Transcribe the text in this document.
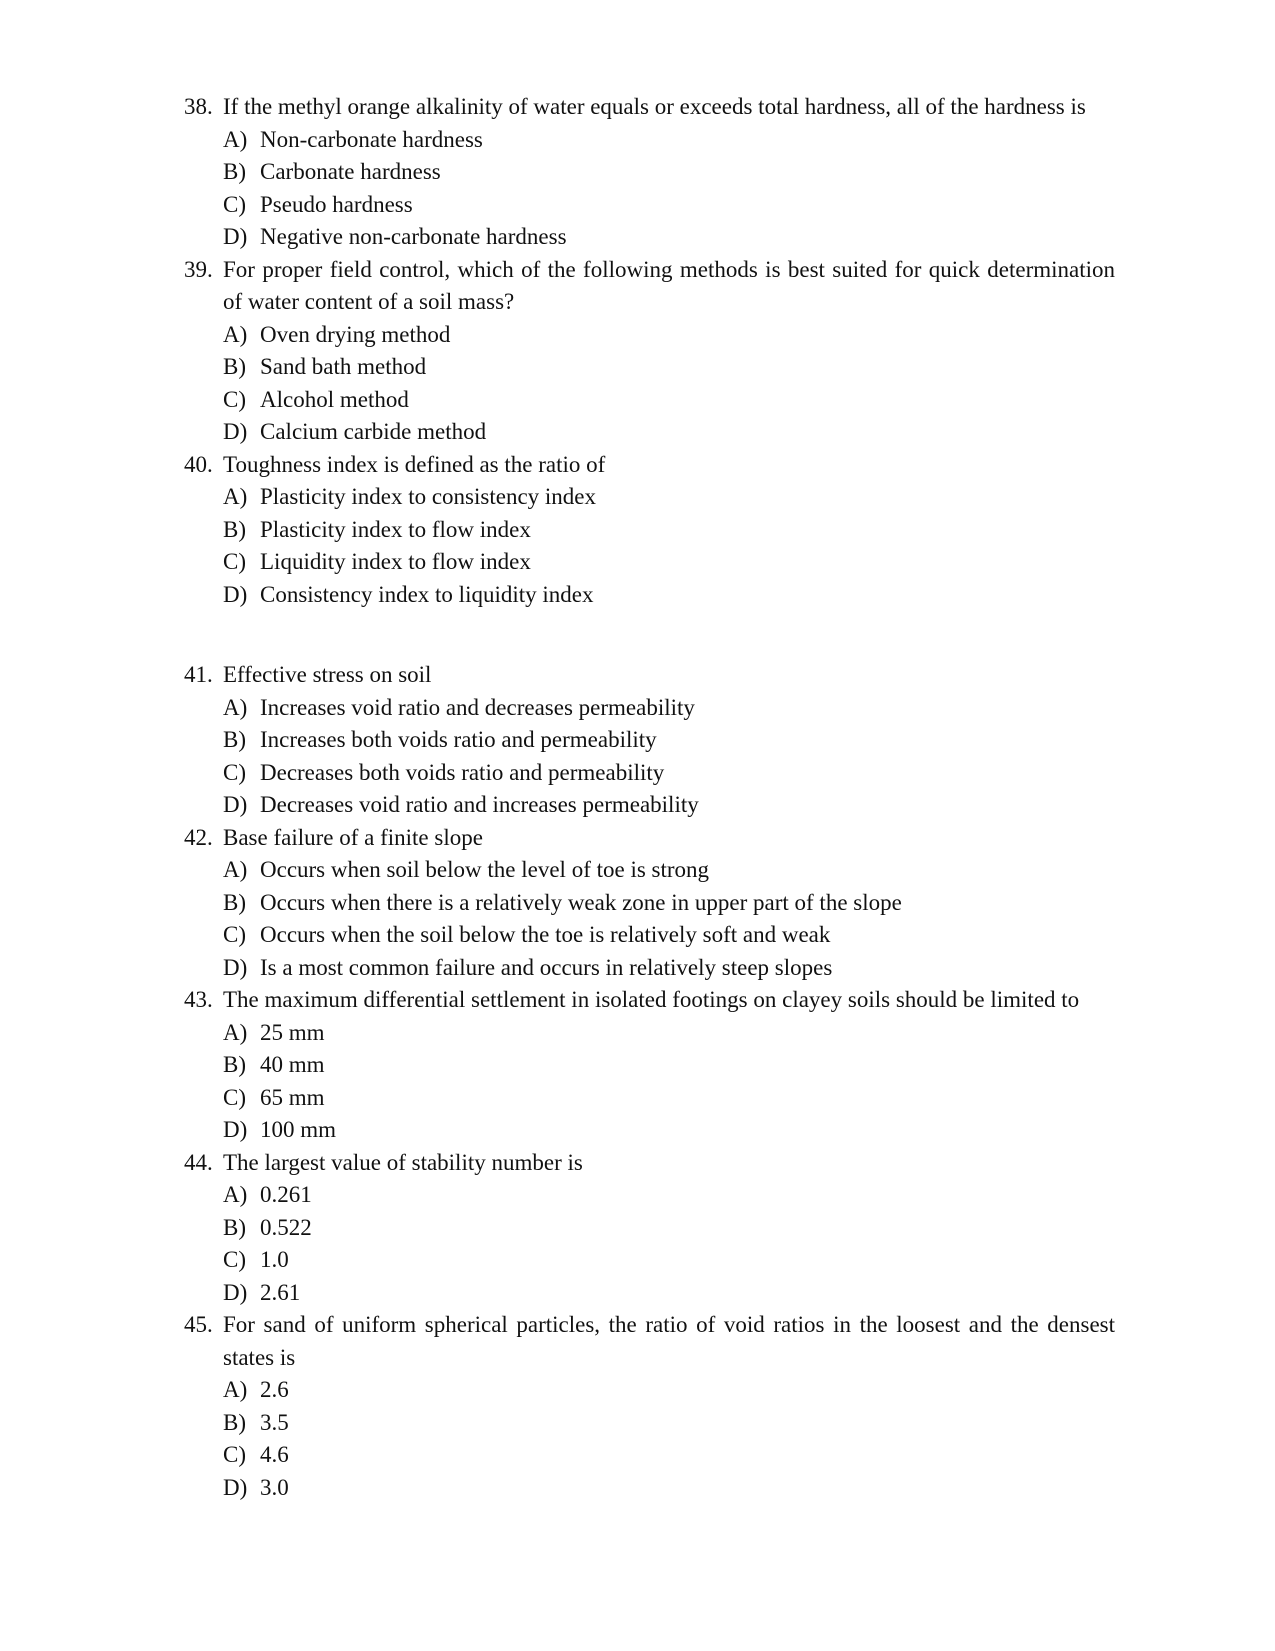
38. If the methyl orange alkalinity of water equals or exceeds total hardness, all of the hardness is
A) Non-carbonate hardness
B) Carbonate hardness
C) Pseudo hardness
D) Negative non-carbonate hardness
39. For proper field control, which of the following methods is best suited for quick determination of water content of a soil mass?
A) Oven drying method
B) Sand bath method
C) Alcohol method
D) Calcium carbide method
40. Toughness index is defined as the ratio of
A) Plasticity index to consistency index
B) Plasticity index to flow index
C) Liquidity index to flow index
D) Consistency index to liquidity index
41. Effective stress on soil
A) Increases void ratio and decreases permeability
B) Increases both voids ratio and permeability
C) Decreases both voids ratio and permeability
D) Decreases void ratio and increases permeability
42. Base failure of a finite slope
A) Occurs when soil below the level of toe is strong
B) Occurs when there is a relatively weak zone in upper part of the slope
C) Occurs when the soil below the toe is relatively soft and weak
D) Is a most common failure and occurs in relatively steep slopes
43. The maximum differential settlement in isolated footings on clayey soils should be limited to
A) 25 mm
B) 40 mm
C) 65 mm
D) 100 mm
44. The largest value of stability number is
A) 0.261
B) 0.522
C) 1.0
D) 2.61
45. For sand of uniform spherical particles, the ratio of void ratios in the loosest and the densest states is
A) 2.6
B) 3.5
C) 4.6
D) 3.0
